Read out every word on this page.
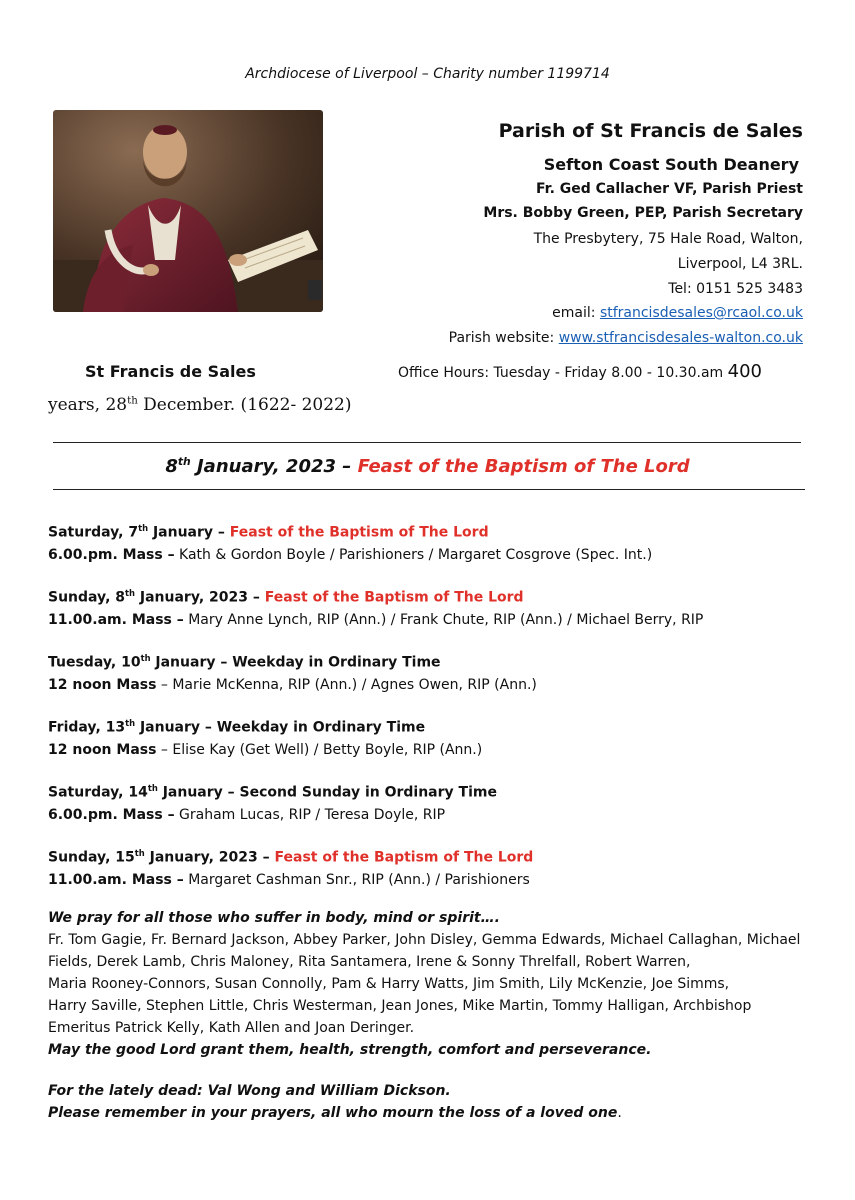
Archdiocese of Liverpool – Charity number 1199714
St Francis de Sales
years, 28th December. (1622- 2022)
Parish of St Francis de Sales
Sefton Coast South Deanery
Fr. Ged Callacher VF, Parish Priest
Mrs. Bobby Green, PEP, Parish Secretary
The Presbytery, 75 Hale Road, Walton,
Liverpool, L4 3RL.
Tel: 0151 525 3483
email: stfrancisdesales@rcaol.co.uk
Parish website: www.stfrancisdesales-walton.co.uk
Office Hours: Tuesday - Friday 8.00 - 10.30.am 400
8th January, 2023 – Feast of the Baptism of The Lord
Saturday, 7th January – Feast of the Baptism of The Lord
6.00.pm. Mass – Kath & Gordon Boyle / Parishioners / Margaret Cosgrove (Spec. Int.)
Sunday, 8th January, 2023 – Feast of the Baptism of The Lord
11.00.am. Mass – Mary Anne Lynch, RIP (Ann.) / Frank Chute, RIP (Ann.) / Michael Berry, RIP
Tuesday, 10th January – Weekday in Ordinary Time
12 noon Mass – Marie McKenna, RIP (Ann.) / Agnes Owen, RIP (Ann.)
Friday, 13th January – Weekday in Ordinary Time
12 noon Mass – Elise Kay (Get Well) / Betty Boyle, RIP (Ann.)
Saturday, 14th January – Second Sunday in Ordinary Time
6.00.pm. Mass – Graham Lucas, RIP / Teresa Doyle, RIP
Sunday, 15th January, 2023 – Feast of the Baptism of The Lord
11.00.am. Mass – Margaret Cashman Snr., RIP (Ann.) / Parishioners
We pray for all those who suffer in body, mind or spirit….
Fr. Tom Gagie, Fr. Bernard Jackson, Abbey Parker, John Disley, Gemma Edwards, Michael Callaghan, Michael
Fields, Derek Lamb, Chris Maloney, Rita Santamera, Irene & Sonny Threlfall, Robert Warren,
Maria Rooney-Connors, Susan Connolly, Pam & Harry Watts, Jim Smith, Lily McKenzie, Joe Simms,
Harry Saville, Stephen Little, Chris Westerman, Jean Jones, Mike Martin, Tommy Halligan, Archbishop
Emeritus Patrick Kelly, Kath Allen and Joan Deringer.
May the good Lord grant them, health, strength, comfort and perseverance.
For the lately dead: Val Wong and William Dickson.
Please remember in your prayers, all who mourn the loss of a loved one.
